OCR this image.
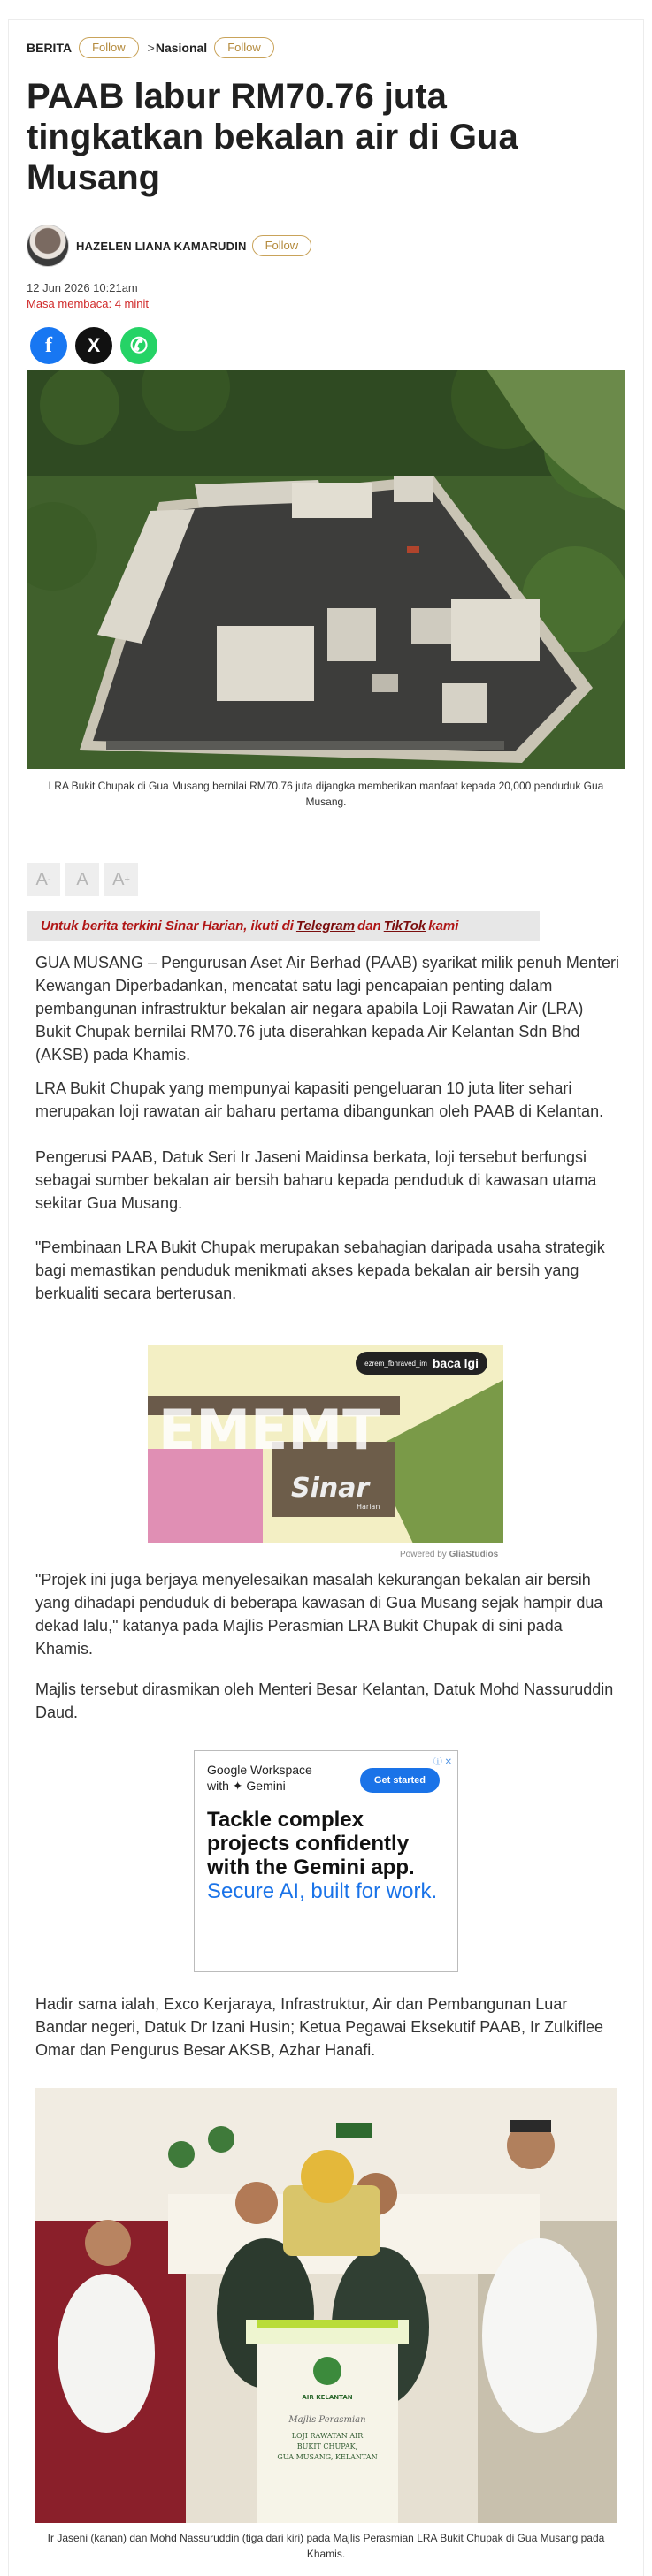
BERITA	Follow	> Nasional	Follow
PAAB labur RM70.76 juta tingkatkan bekalan air di Gua Musang
HAZELEN LIANA KAMARUDIN	Follow
12 Jun 2026 10:21am
Masa membaca: 4 minit
f X ✆
LRA Bukit Chupak di Gua Musang bernilai RM70.76 juta dijangka memberikan manfaat kepada 20,000 penduduk Gua Musang.
A - A A +
Untuk berita terkini Sinar Harian, ikuti di Telegram dan TikTok kami

GUA MUSANG – Pengurusan Aset Air Berhad (PAAB) syarikat milik penuh Menteri Kewangan Diperbadankan, mencatat satu lagi pencapaian penting dalam pembangunan infrastruktur bekalan air negara apabila Loji Rawatan Air (LRA) Bukit Chupak bernilai RM70.76 juta diserahkan kepada Air Kelantan Sdn Bhd (AKSB) pada Khamis.

LRA Bukit Chupak yang mempunyai kapasiti pengeluaran 10 juta liter sehari merupakan loji rawatan air baharu pertama dibangunkan oleh PAAB di Kelantan.

Pengerusi PAAB, Datuk Seri Ir Jaseni Maidinsa berkata, loji tersebut berfungsi sebagai sumber bekalan air bersih baharu kepada penduduk di kawasan utama sekitar Gua Musang.

"Pembinaan LRA Bukit Chupak merupakan sebahagian daripada usaha strategik bagi memastikan penduduk menikmati akses kepada bekalan air bersih yang berkualiti secara berterusan.

EMEMT
Sinar
Harian
ezrem_fbnraved_im baca lgi
Powered by GliaStudios

"Projek ini juga berjaya menyelesaikan masalah kekurangan bekalan air bersih yang dihadapi penduduk di beberapa kawasan di Gua Musang sejak hampir dua dekad lalu," katanya pada Majlis Perasmian LRA Bukit Chupak di sini pada Khamis.

Majlis tersebut dirasmikan oleh Menteri Besar Kelantan, Datuk Mohd Nassuruddin Daud.

ⓘ ✕
Google Workspace
with ✦ Gemini	Get started
Tackle complex projects confidently with the Gemini app.
Secure AI, built for work.

Hadir sama ialah, Exco Kerjaraya, Infrastruktur, Air dan Pembangunan Luar Bandar negeri, Datuk Dr Izani Husin; Ketua Pegawai Eksekutif PAAB, Ir Zulkiflee Omar dan Pengurus Besar AKSB, Azhar Hanafi.

AIR KELANTAN
Majlis Perasmian
LOJI RAWATAN AIR
BUKIT CHUPAK,
GUA MUSANG, KELANTAN
Ir Jaseni (kanan) dan Mohd Nassuruddin (tiga dari kiri) pada Majlis Perasmian LRA Bukit Chupak di Gua Musang pada Khamis.
